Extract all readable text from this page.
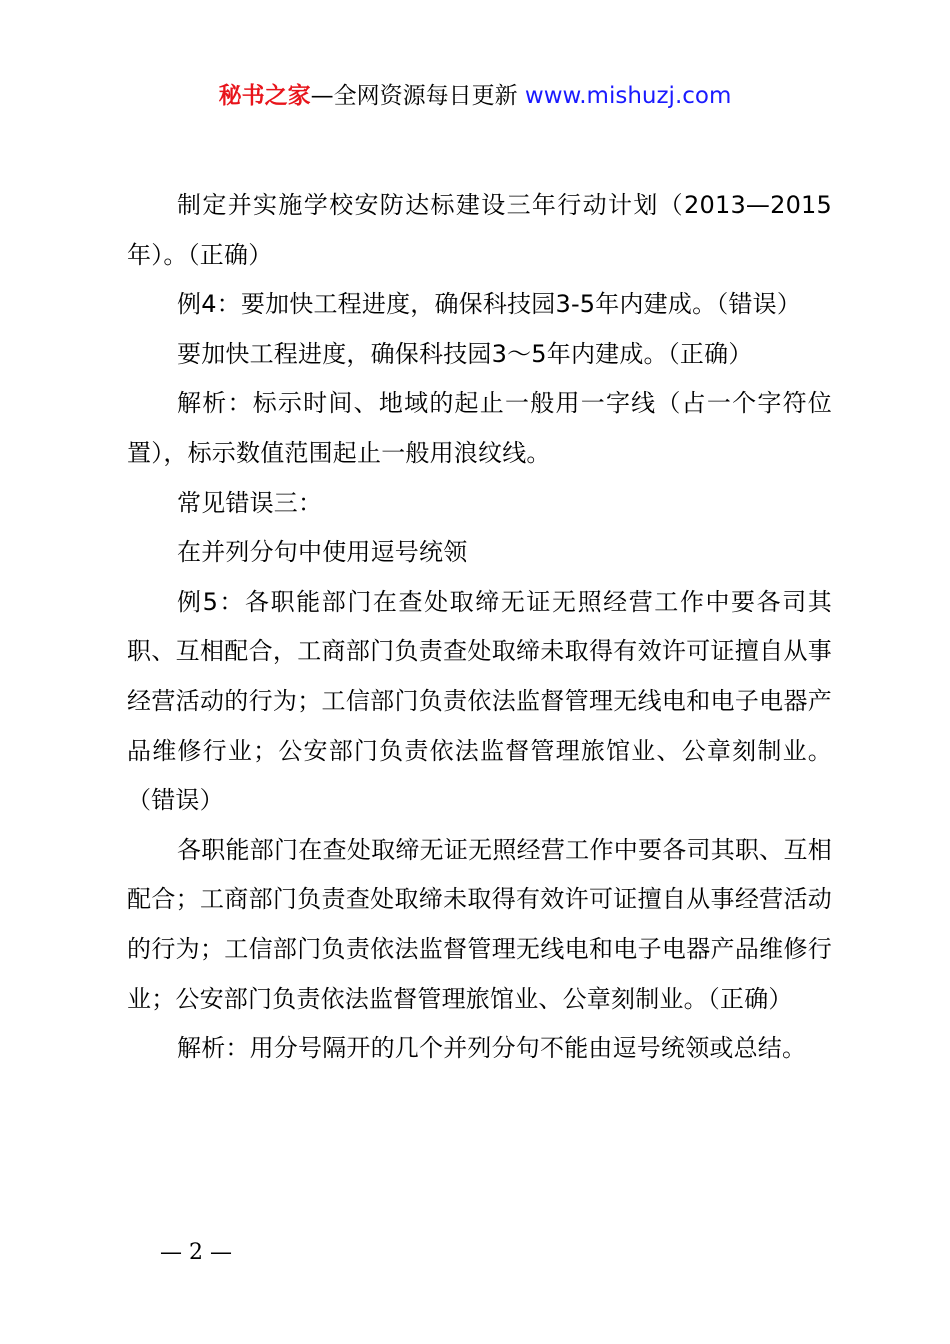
秘书之家—全网资源每日更新 www.mishuzj.com

制定并实施学校安防达标建设三年行动计划（2013—2015年）。（正确）

例4：要加快工程进度，确保科技园3-5年内建成。（错误）

要加快工程进度，确保科技园3～5年内建成。（正确）

解析：标示时间、地域的起止一般用一字线（占一个字符位置），标示数值范围起止一般用浪纹线。

常见错误三：

在并列分句中使用逗号统领

例5：各职能部门在查处取缔无证无照经营工作中要各司其职、互相配合，工商部门负责查处取缔未取得有效许可证擅自从事经营活动的行为；工信部门负责依法监督管理无线电和电子电器产品维修行业；公安部门负责依法监督管理旅馆业、公章刻制业。（错误）

各职能部门在查处取缔无证无照经营工作中要各司其职、互相配合；工商部门负责查处取缔未取得有效许可证擅自从事经营活动的行为；工信部门负责依法监督管理无线电和电子电器产品维修行业；公安部门负责依法监督管理旅馆业、公章刻制业。（正确）

解析：用分号隔开的几个并列分句不能由逗号统领或总结。

— 2 —
